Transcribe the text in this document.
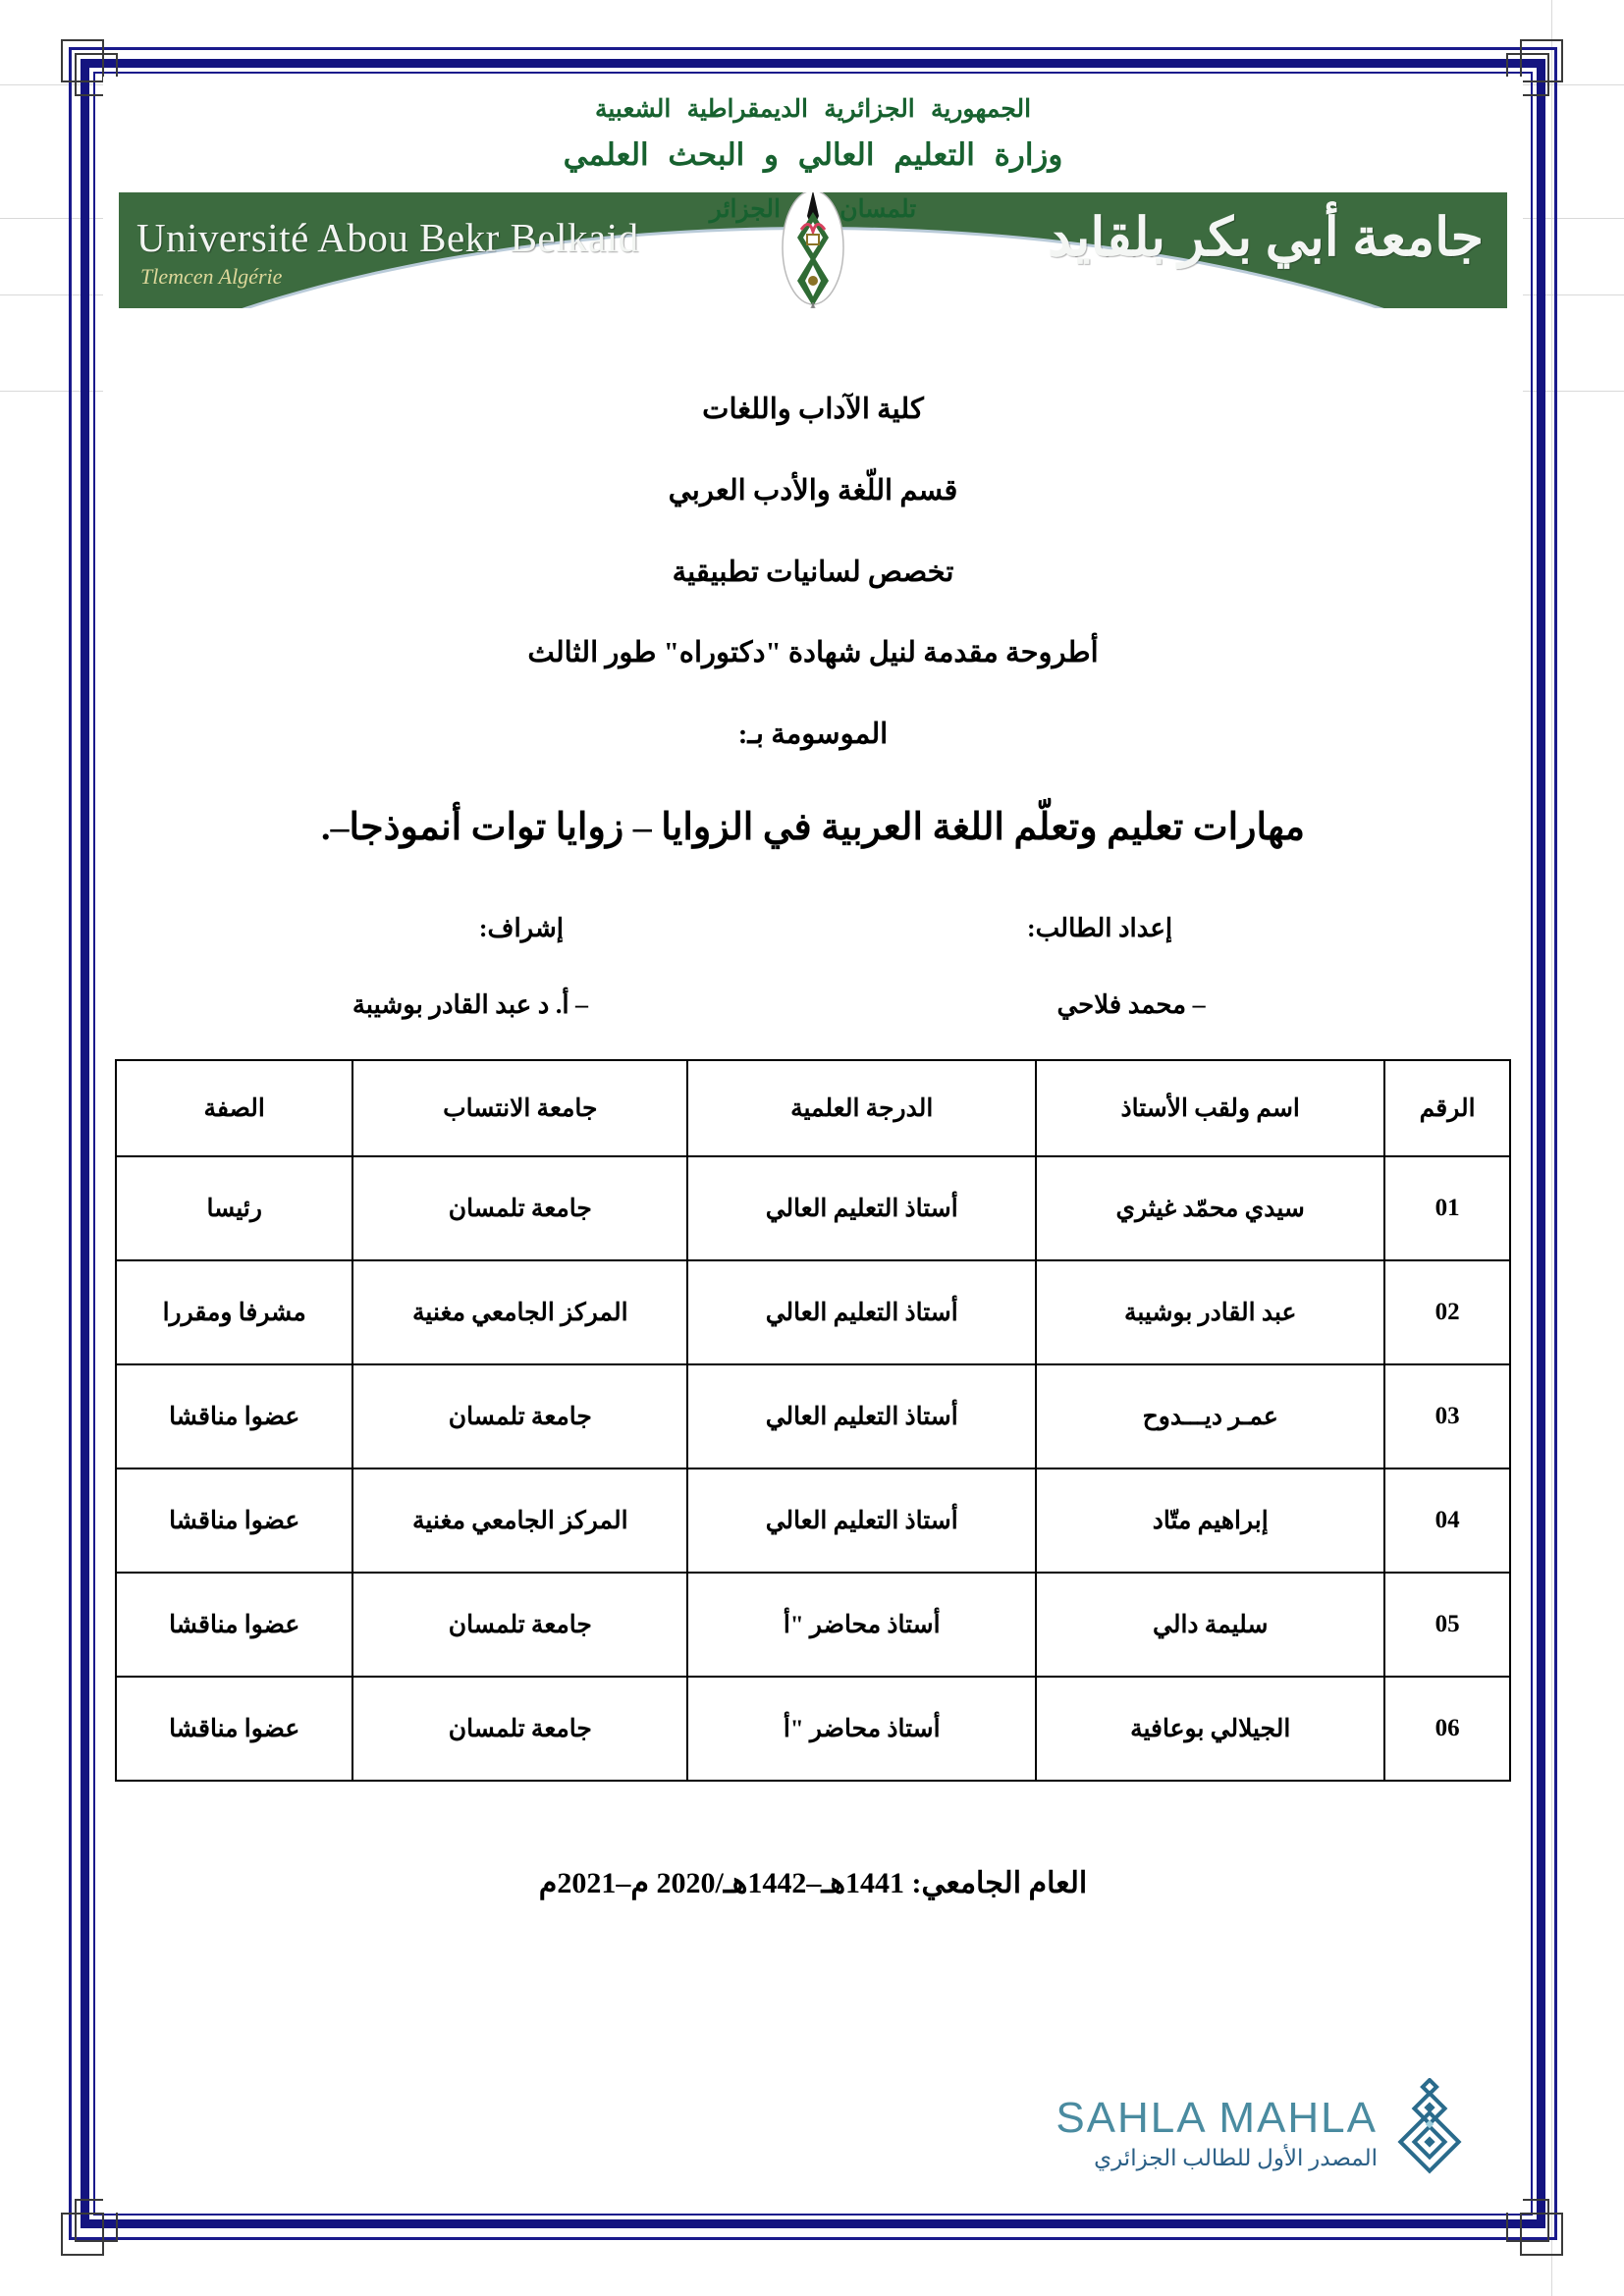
الجمهورية الجزائرية الديمقراطية الشعبية
وزارة التعليم العالي و البحث العلمي
Université Abou Bekr Belkaid	جامعة أبي بكر بلقايد
Tlemcen Algérie
تلمسان الجزائر
كلية الآداب واللغات
قسم اللّغة والأدب العربي
تخصص لسانيات تطبيقية
أطروحة مقدمة لنيل شهادة "دكتوراه" طور الثالث
الموسومة بـ:
مهارات تعليم وتعلّم اللغة العربية في الزوايا – زوايا توات أنموذجا–.
إعداد الطالب:
– محمد فلاحي
إشراف:
– أ. د عبد القادر بوشيبة
الرقم	اسم ولقب الأستاذ	الدرجة العلمية	جامعة الانتساب	الصفة
01	سيدي محمّد غيثري	أستاذ التعليم العالي	جامعة تلمسان	رئيسا
02	عبد القادر بوشيبة	أستاذ التعليم العالي	المركز الجامعي مغنية	مشرفا ومقررا
03	عمـر ديـــدوح	أستاذ التعليم العالي	جامعة تلمسان	عضوا مناقشا
04	إبراهيم متّاد	أستاذ التعليم العالي	المركز الجامعي مغنية	عضوا مناقشا
05	سليمة دالي	أستاذ محاضر "أ	جامعة تلمسان	عضوا مناقشا
06	الجيلالي بوعافية	أستاذ محاضر "أ	جامعة تلمسان	عضوا مناقشا
العام الجامعي: 1441هـ–1442هـ/2020 م–2021م
SAHLA MAHLA
المصدر الأول للطالب الجزائري
